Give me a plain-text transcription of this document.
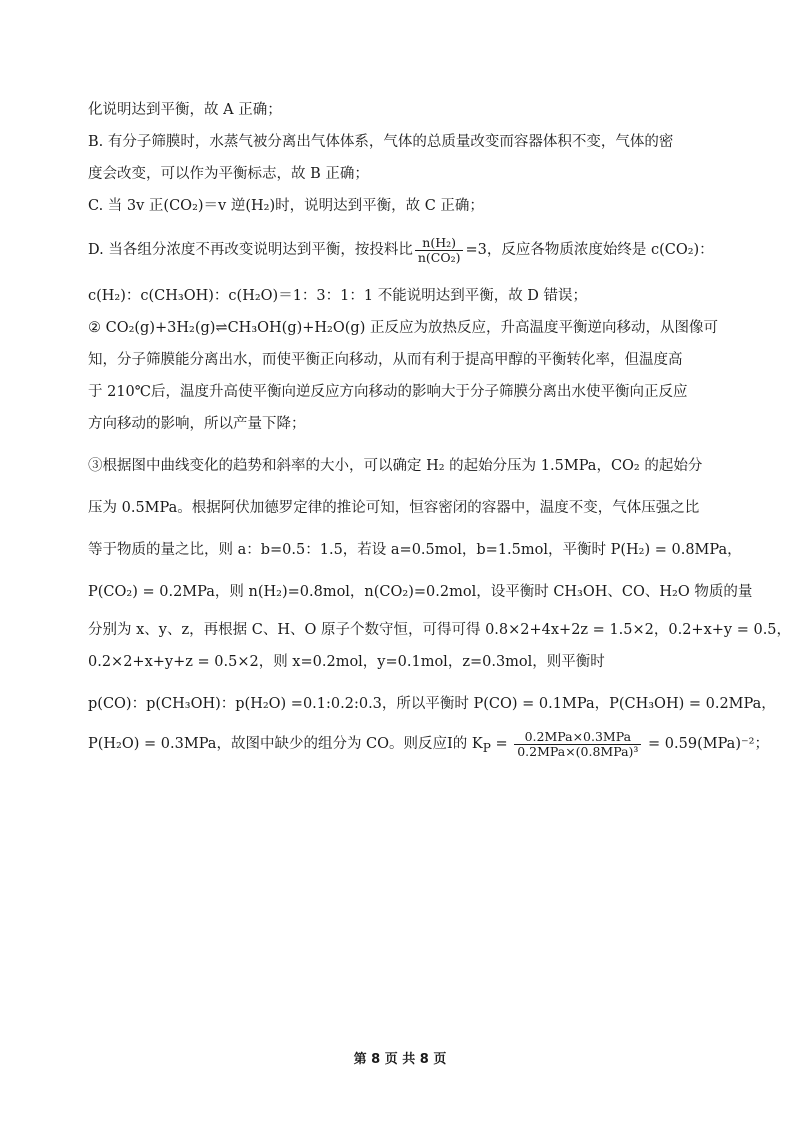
化说明达到平衡，故 A 正确；
B. 有分子筛膜时，水蒸气被分离出气体体系，气体的总质量改变而容器体积不变，气体的密
度会改变，可以作为平衡标志，故 B 正确；
C. 当 3v 正(CO₂)＝v 逆(H₂)时，说明达到平衡，故 C 正确；
D. 当各组分浓度不再改变说明达到平衡，按投料比 $\frac{\text{n(H₂)}}{\text{n(CO₂)}} =3$，反应各物质浓度始终是 c(CO₂)：
c(H₂)：c(CH₃OH)：c(H₂O)＝1：3：1：1 不能说明达到平衡，故 D 错误；
② CO₂(g)+3H₂(g)⇌CH₃OH(g)+H₂O(g) 正反应为放热反应，升高温度平衡逆向移动，从图像可
知，分子筛膜能分离出水，而使平衡正向移动，从而有利于提高甲醇的平衡转化率，但温度高
于 210℃后，温度升高使平衡向逆反应方向移动的影响大于分子筛膜分离出水使平衡向正反应
方向移动的影响，所以产量下降；
③根据图中曲线变化的趋势和斜率的大小，可以确定 H₂ 的起始分压为 1.5MPa，CO₂ 的起始分
压为 0.5MPa。根据阿伏加德罗定律的推论可知，恒容密闭的容器中，温度不变，气体压强之比
等于物质的量之比，则 a：b=0.5：1.5，若设 a=0.5mol，b=1.5mol，平衡时 P(H₂) = 0.8MPa，
P(CO₂) = 0.2MPa，则 n(H₂)=0.8mol，n(CO₂)=0.2mol，设平衡时 CH₃OH、CO、H₂O 物质的量
分别为 x、y、z，再根据 C、H、O 原子个数守恒，可得可得 0.8×2+4x+2z = 1.5×2，0.2+x+y = 0.5，
0.2×2+x+y+z = 0.5×2，则 x=0.2mol，y=0.1mol，z=0.3mol，则平衡时
p(CO)：p(CH₃OH)：p(H₂O) =0.1:0.2:0.3，所以平衡时 P(CO) = 0.1MPa，P(CH₃OH) = 0.2MPa，
P(H₂O) = 0.3MPa，故图中缺少的组分为 CO。则反应Ⅰ的 $K_P = \frac{\text{0.2MPa×0.3MPa}}{\text{0.2MPa×(0.8MPa)³}} = 0.59(MPa)^{-2}$；
第 8 页 共 8 页
